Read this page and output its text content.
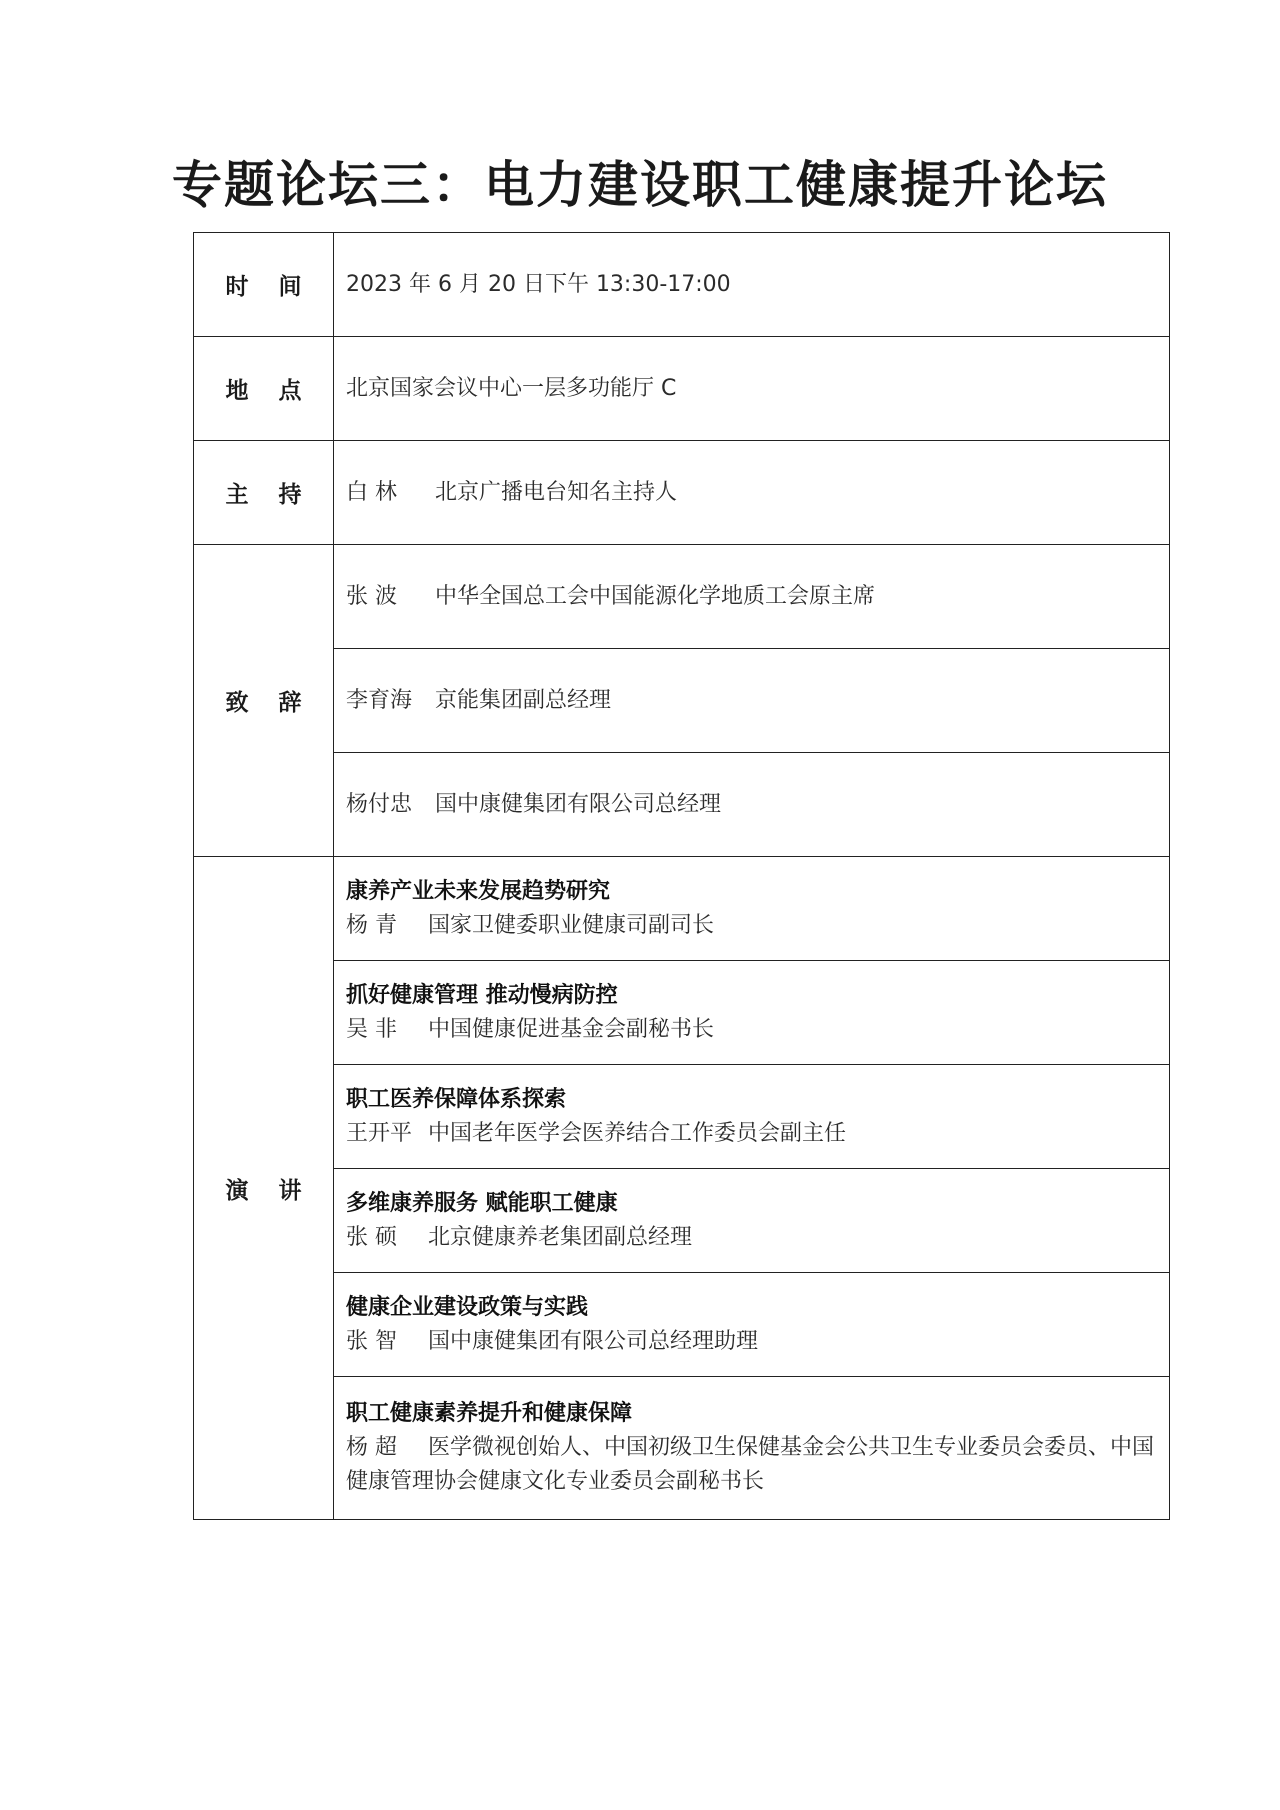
专题论坛三：电力建设职工健康提升论坛
时间	2023 年 6 月 20 日下午 13:30-17:00
地点	北京国家会议中心一层多功能厅 C
主持	白 林 北京广播电台知名主持人
致辞	张 波 中华全国总工会中国能源化学地质工会原主席
	李育海 京能集团副总经理
	杨付忠 国中康健集团有限公司总经理
演讲	康养产业未来发展趋势研究
杨 青 国家卫健委职业健康司副司长

	抓好健康管理 推动慢病防控
吴 非 中国健康促进基金会副秘书长

	职工医养保障体系探索
王开平 中国老年医学会医养结合工作委员会副主任

	多维康养服务 赋能职工健康
张 硕 北京健康养老集团副总经理

	健康企业建设政策与实践
张 智 国中康健集团有限公司总经理助理

	职工健康素养提升和健康保障
杨 超 医学微视创始人、中国初级卫生保健基金会公共卫生专业委员会委员、中国健康管理协会健康文化专业委员会副秘书长
